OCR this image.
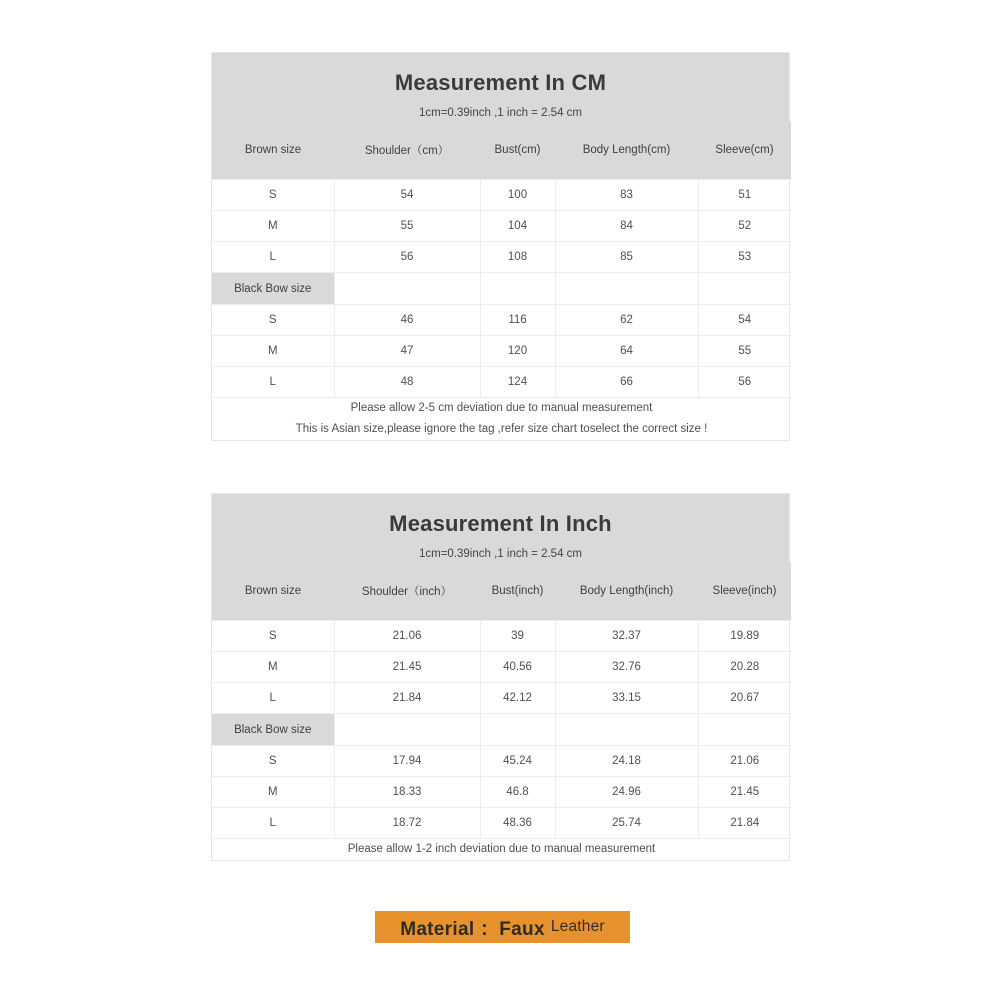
Measurement In CM
1cm=0.39inch ,1 inch = 2.54 cm
Brown size	Shoulder（cm）	Bust(cm)	Body Length(cm)	Sleeve(cm)
S	54	100	83	51
M	55	104	84	52
L	56	108	85	53
Black Bow size				
S	46	116	62	54
M	47	120	64	55
L	48	124	66	56

Please allow 2-5 cm deviation due to manual measurement
This is Asian size,please ignore the tag ,refer size chart toselect the correct size !				
Measurement In Inch
1cm=0.39inch ,1 inch = 2.54 cm
Brown size	Shoulder（inch）	Bust(inch)	Body Length(inch)	Sleeve(inch)
S	21.06	39	32.37	19.89
M	21.45	40.56	32.76	20.28
L	21.84	42.12	33.15	20.67
Black Bow size				
S	17.94	45.24	24.18	21.06
M	18.33	46.8	24.96	21.45
L	18.72	48.36	25.74	21.84

Please allow 1-2 inch deviation due to manual measurement				
Material ：Faux Leather
